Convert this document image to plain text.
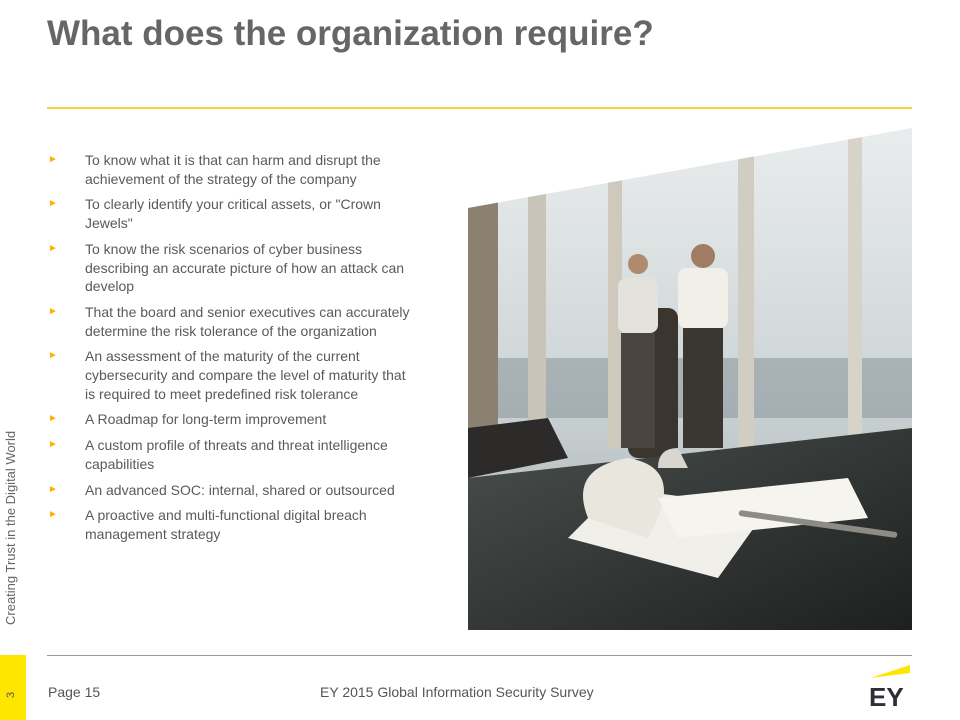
What does the organization require?
Creating Trust in the Digital World
3
► To know what it is that can harm and disrupt the achievement of the strategy of the company
► To clearly identify your critical assets, or "Crown Jewels"
► To know the risk scenarios of cyber business describing an accurate picture of how an attack can develop
► That the board and senior executives can accurately determine the risk tolerance of the organization
► An assessment of the maturity of the current cybersecurity and compare the level of maturity that is required to meet predefined risk tolerance
► A Roadmap for long-term improvement
► A custom profile of threats and threat intelligence capabilities
► An advanced SOC: internal, shared or outsourced
► A proactive and multi-functional digital breach management strategy
Page 15	EY 2015 Global Information Security Survey	EY
